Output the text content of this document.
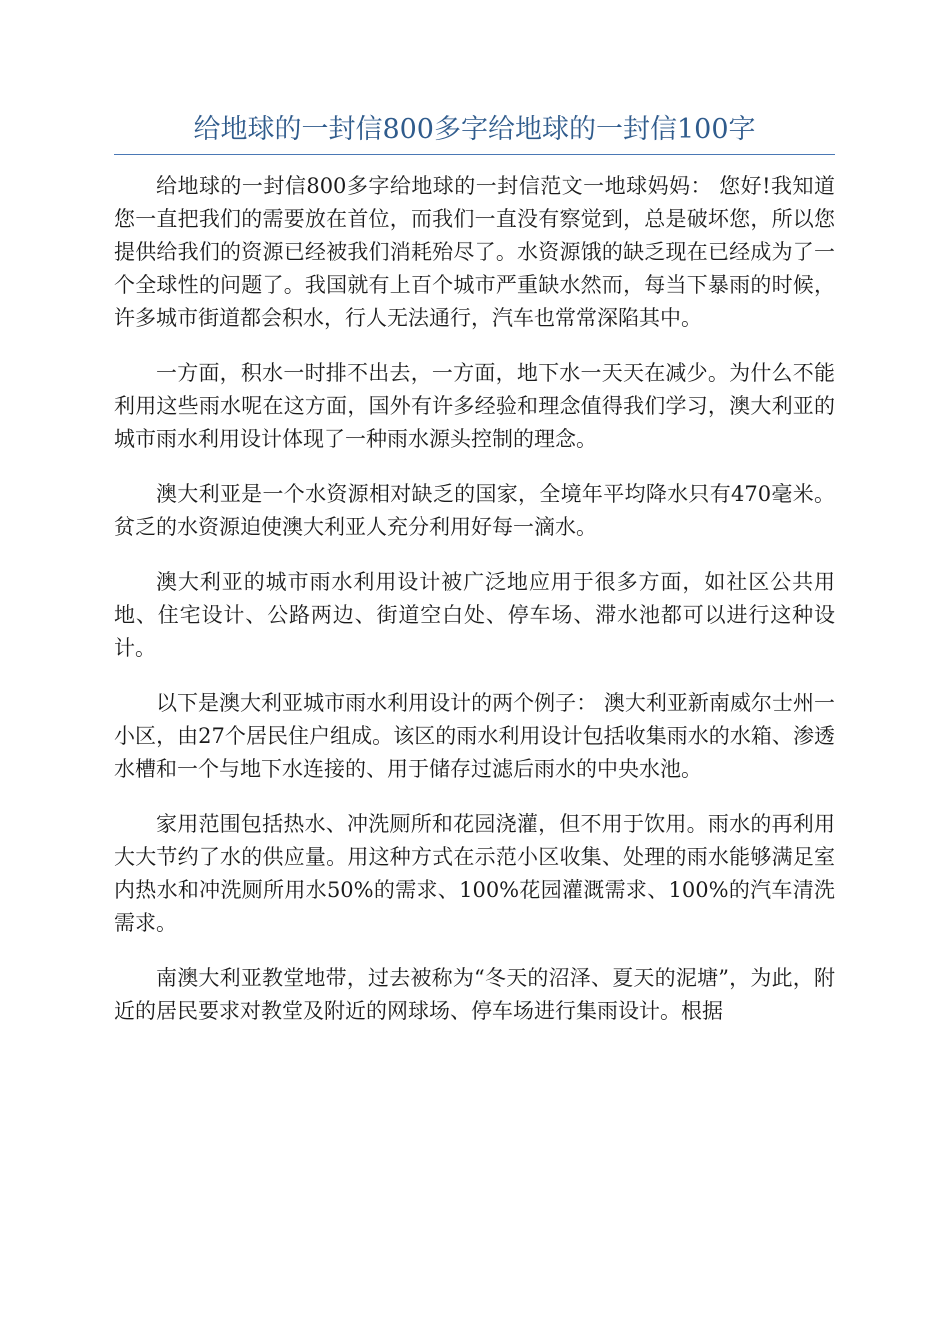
给地球的一封信800多字给地球的一封信100字

给地球的一封信800多字给地球的一封信范文一地球妈妈： 您好!我知道您一直把我们的需要放在首位，而我们一直没有察觉到，总是破坏您，所以您提供给我们的资源已经被我们消耗殆尽了。水资源饿的缺乏现在已经成为了一个全球性的问题了。我国就有上百个城市严重缺水然而，每当下暴雨的时候，许多城市街道都会积水，行人无法通行，汽车也常常深陷其中。

一方面，积水一时排不出去，一方面，地下水一天天在减少。为什么不能利用这些雨水呢在这方面，国外有许多经验和理念值得我们学习，澳大利亚的城市雨水利用设计体现了一种雨水源头控制的理念。

澳大利亚是一个水资源相对缺乏的国家，全境年平均降水只有470毫米。贫乏的水资源迫使澳大利亚人充分利用好每一滴水。

澳大利亚的城市雨水利用设计被广泛地应用于很多方面，如社区公共用地、住宅设计、公路两边、街道空白处、停车场、滞水池都可以进行这种设计。

以下是澳大利亚城市雨水利用设计的两个例子： 澳大利亚新南威尔士州一小区，由27个居民住户组成。该区的雨水利用设计包括收集雨水的水箱、渗透水槽和一个与地下水连接的、用于储存过滤后雨水的中央水池。

家用范围包括热水、冲洗厕所和花园浇灌，但不用于饮用。雨水的再利用大大节约了水的供应量。用这种方式在示范小区收集、处理的雨水能够满足室内热水和冲洗厕所用水50%的需求、100%花园灌溉需求、100%的汽车清洗需求。

南澳大利亚教堂地带，过去被称为“冬天的沼泽、夏天的泥塘”，为此，附近的居民要求对教堂及附近的网球场、停车场进行集雨设计。根据
